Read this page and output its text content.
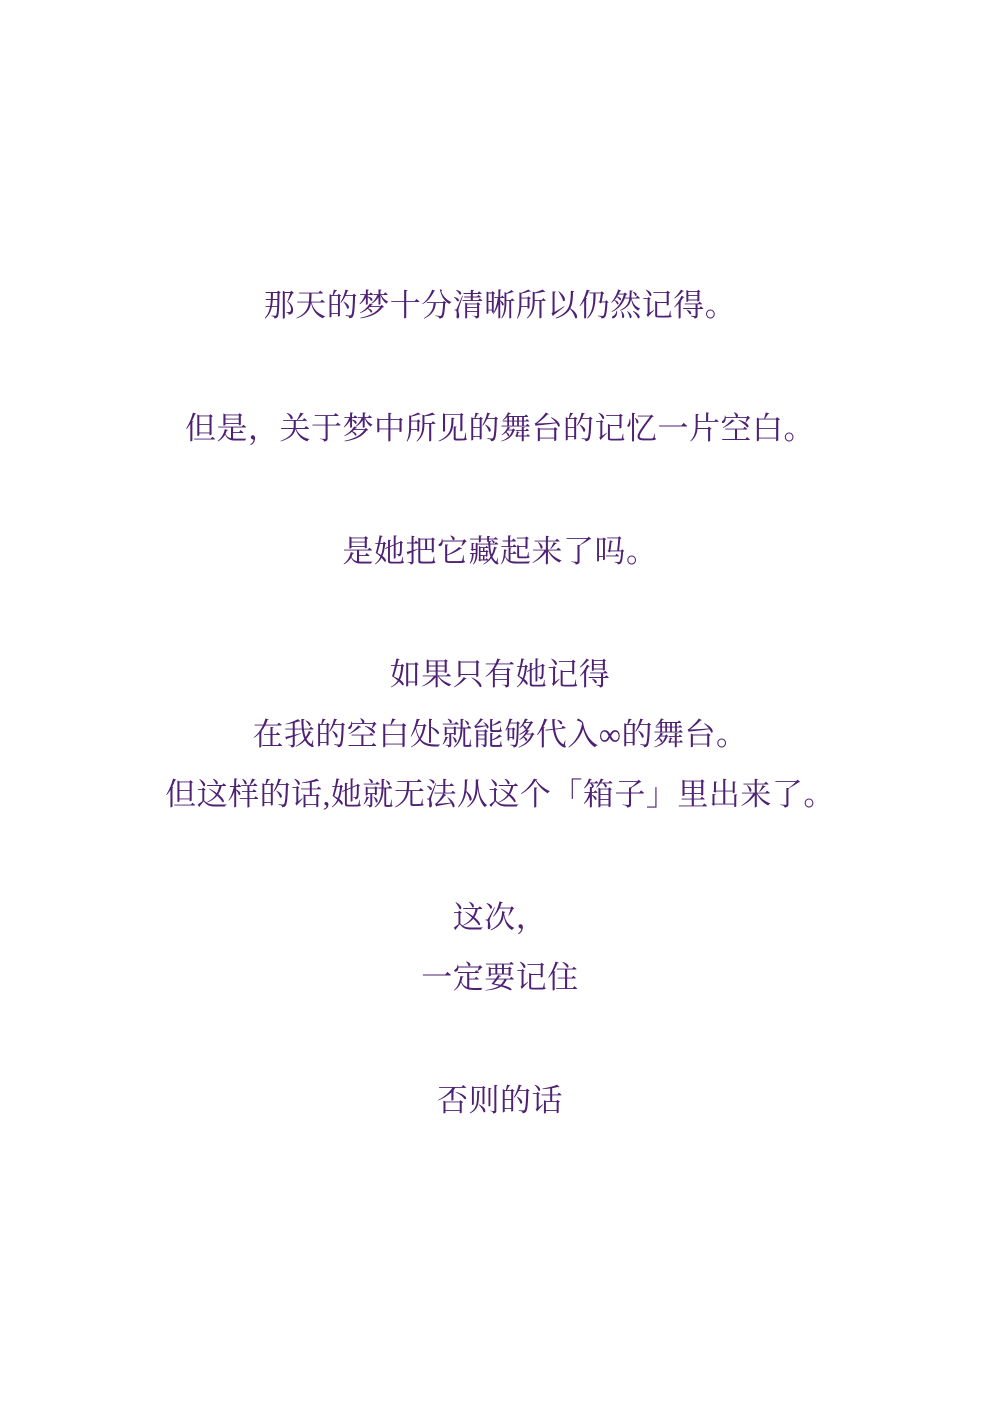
那天的梦十分清晰所以仍然记得。

但是，关于梦中所见的舞台的记忆一片空白。

是她把它藏起来了吗。

如果只有她记得

在我的空白处就能够代入∞的舞台。

但这样的话,她就无法从这个「箱子」里出来了。

这次，

一定要记住

否则的话
